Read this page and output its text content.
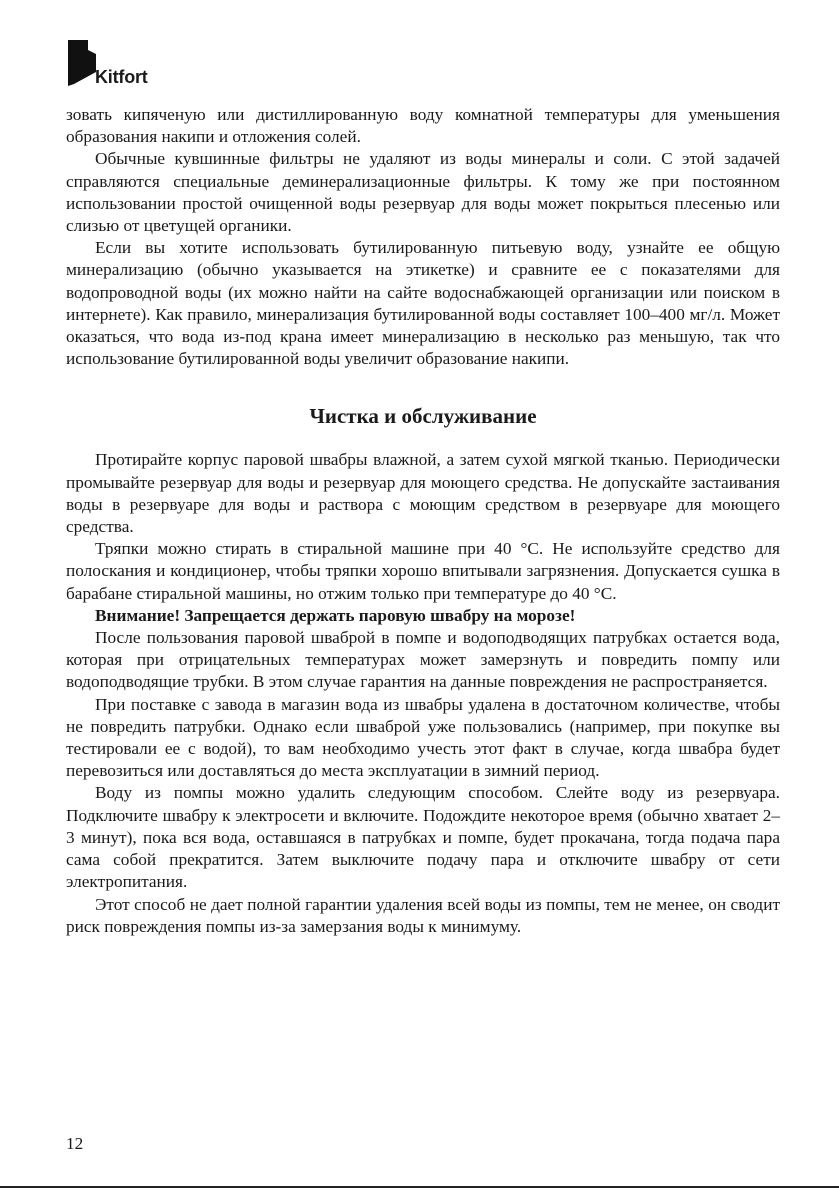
Kitfort

зовать кипяченую или дистиллированную воду комнатной температуры для уменьшения образования накипи и отложения солей.

Обычные кувшинные фильтры не удаляют из воды минералы и соли. С этой задачей справляются специальные деминерализационные фильтры. К тому же при постоянном использовании простой очищенной воды резервуар для воды может покрыться плесенью или слизью от цветущей органики.

Если вы хотите использовать бутилированную питьевую воду, узнайте ее общую минерализацию (обычно указывается на этикетке) и сравните ее с показателями для водопроводной воды (их можно найти на сайте водоснабжающей организации или поиском в интернете). Как правило, минерализация бутилированной воды составляет 100–400 мг/л. Может оказаться, что вода из-под крана имеет минерализацию в несколько раз меньшую, так что использование бутилированной воды увеличит образование накипи.

Чистка и обслуживание

Протирайте корпус паровой швабры влажной, а затем сухой мягкой тканью. Периодически промывайте резервуар для воды и резервуар для моющего средства. Не допускайте застаивания воды в резервуаре для воды и раствора с моющим средством в резервуаре для моющего средства.

Тряпки можно стирать в стиральной машине при 40 °C. Не используйте средство для полоскания и кондиционер, чтобы тряпки хорошо впитывали загрязнения. Допускается сушка в барабане стиральной машины, но отжим только при температуре до 40 °C.

Внимание! Запрещается держать паровую швабру на морозе!

После пользования паровой шваброй в помпе и водоподводящих патрубках остается вода, которая при отрицательных температурах может замерзнуть и повредить помпу или водоподводящие трубки. В этом случае гарантия на данные повреждения не распространяется.

При поставке с завода в магазин вода из швабры удалена в достаточном количестве, чтобы не повредить патрубки. Однако если шваброй уже пользовались (например, при покупке вы тестировали ее с водой), то вам необходимо учесть этот факт в случае, когда швабра будет перевозиться или доставляться до места эксплуатации в зимний период.

Воду из помпы можно удалить следующим способом. Слейте воду из резервуара. Подключите швабру к электросети и включите. Подождите некоторое время (обычно хватает 2–3 минут), пока вся вода, оставшаяся в патрубках и помпе, будет прокачана, тогда подача пара сама собой прекратится. Затем выключите подачу пара и отключите швабру от сети электропитания.

Этот способ не дает полной гарантии удаления всей воды из помпы, тем не менее, он сводит риск повреждения помпы из-за замерзания воды к минимуму.

12
